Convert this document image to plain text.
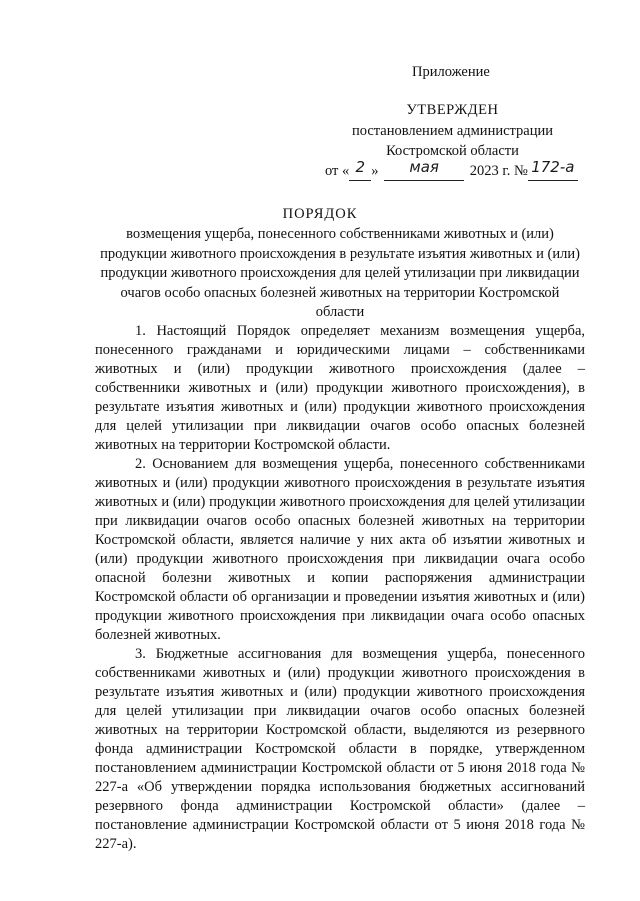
Приложение
УТВЕРЖДЕН
постановлением администрации
Костромской области
от « 2 » мая 2023 г. № 172-а
ПОРЯДОК
возмещения ущерба, понесенного собственниками животных и (или) продукции животного происхождения в результате изъятия животных и (или) продукции животного происхождения для целей утилизации при ликвидации очагов особо опасных болезней животных на территории Костромской области

1. Настоящий Порядок определяет механизм возмещения ущерба, понесенного гражданами и юридическими лицами – собственниками животных и (или) продукции животного происхождения (далее – собственники животных и (или) продукции животного происхождения), в результате изъятия животных и (или) продукции животного происхождения для целей утилизации при ликвидации очагов особо опасных болезней животных на территории Костромской области.

2. Основанием для возмещения ущерба, понесенного собственниками животных и (или) продукции животного происхождения в результате изъятия животных и (или) продукции животного происхождения для целей утилизации при ликвидации очагов особо опасных болезней животных на территории Костромской области, является наличие у них акта об изъятии животных и (или) продукции животного происхождения при ликвидации очага особо опасной болезни животных и копии распоряжения администрации Костромской области об организации и проведении изъятия животных и (или) продукции животного происхождения при ликвидации очага особо опасных болезней животных.

3. Бюджетные ассигнования для возмещения ущерба, понесенного собственниками животных и (или) продукции животного происхождения в результате изъятия животных и (или) продукции животного происхождения для целей утилизации при ликвидации очагов особо опасных болезней животных на территории Костромской области, выделяются из резервного фонда администрации Костромской области в порядке, утвержденном постановлением администрации Костромской области от 5 июня 2018 года № 227-а «Об утверждении порядка использования бюджетных ассигнований резервного фонда администрации Костромской области» (далее – постановление администрации Костромской области от 5 июня 2018 года № 227-а).
